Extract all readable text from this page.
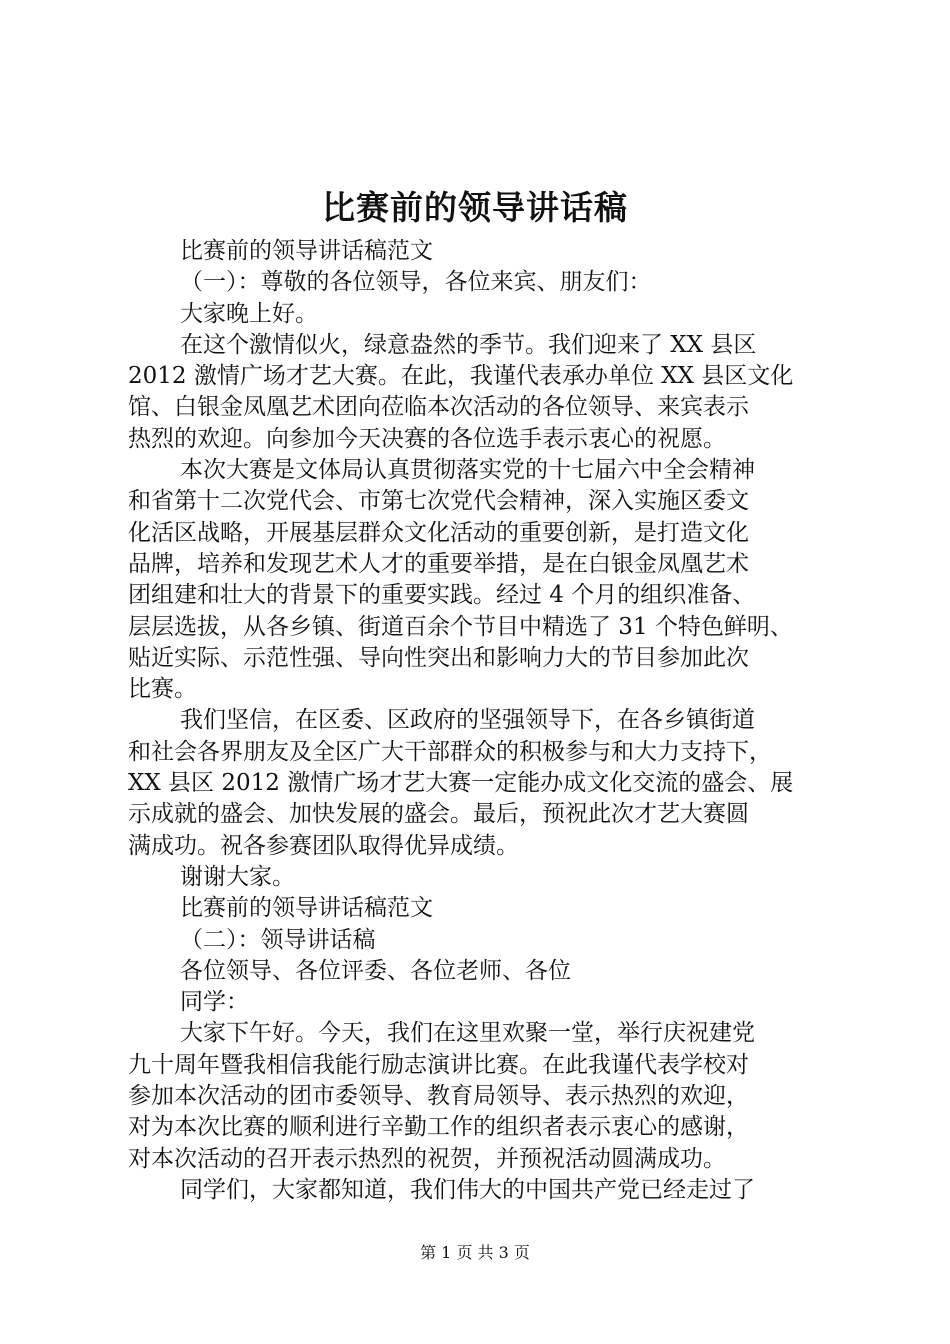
比赛前的领导讲话稿
比赛前的领导讲话稿范文
（一）：尊敬的各位领导，各位来宾、朋友们：
大家晚上好。
在这个激情似火，绿意盎然的季节。我们迎来了 XX 县区
2012 激情广场才艺大赛。在此，我谨代表承办单位 XX 县区文化
馆、白银金凤凰艺术团向莅临本次活动的各位领导、来宾表示
热烈的欢迎。向参加今天决赛的各位选手表示衷心的祝愿。
本次大赛是文体局认真贯彻落实党的十七届六中全会精神
和省第十二次党代会、市第七次党代会精神，深入实施区委文
化活区战略，开展基层群众文化活动的重要创新，是打造文化
品牌，培养和发现艺术人才的重要举措，是在白银金凤凰艺术
团组建和壮大的背景下的重要实践。经过 4 个月的组织准备、
层层选拔，从各乡镇、街道百余个节目中精选了 31 个特色鲜明、
贴近实际、示范性强、导向性突出和影响力大的节目参加此次
比赛。
我们坚信，在区委、区政府的坚强领导下，在各乡镇街道
和社会各界朋友及全区广大干部群众的积极参与和大力支持下，
XX 县区 2012 激情广场才艺大赛一定能办成文化交流的盛会、展
示成就的盛会、加快发展的盛会。最后，预祝此次才艺大赛圆
满成功。祝各参赛团队取得优异成绩。
谢谢大家。
比赛前的领导讲话稿范文
（二）：领导讲话稿
各位领导、各位评委、各位老师、各位
同学：
大家下午好。今天，我们在这里欢聚一堂，举行庆祝建党
九十周年暨我相信我能行励志演讲比赛。在此我谨代表学校对
参加本次活动的团市委领导、教育局领导、表示热烈的欢迎，
对为本次比赛的顺利进行辛勤工作的组织者表示衷心的感谢，
对本次活动的召开表示热烈的祝贺，并预祝活动圆满成功。
同学们，大家都知道，我们伟大的中国共产党已经走过了
第 1 页 共 3 页
